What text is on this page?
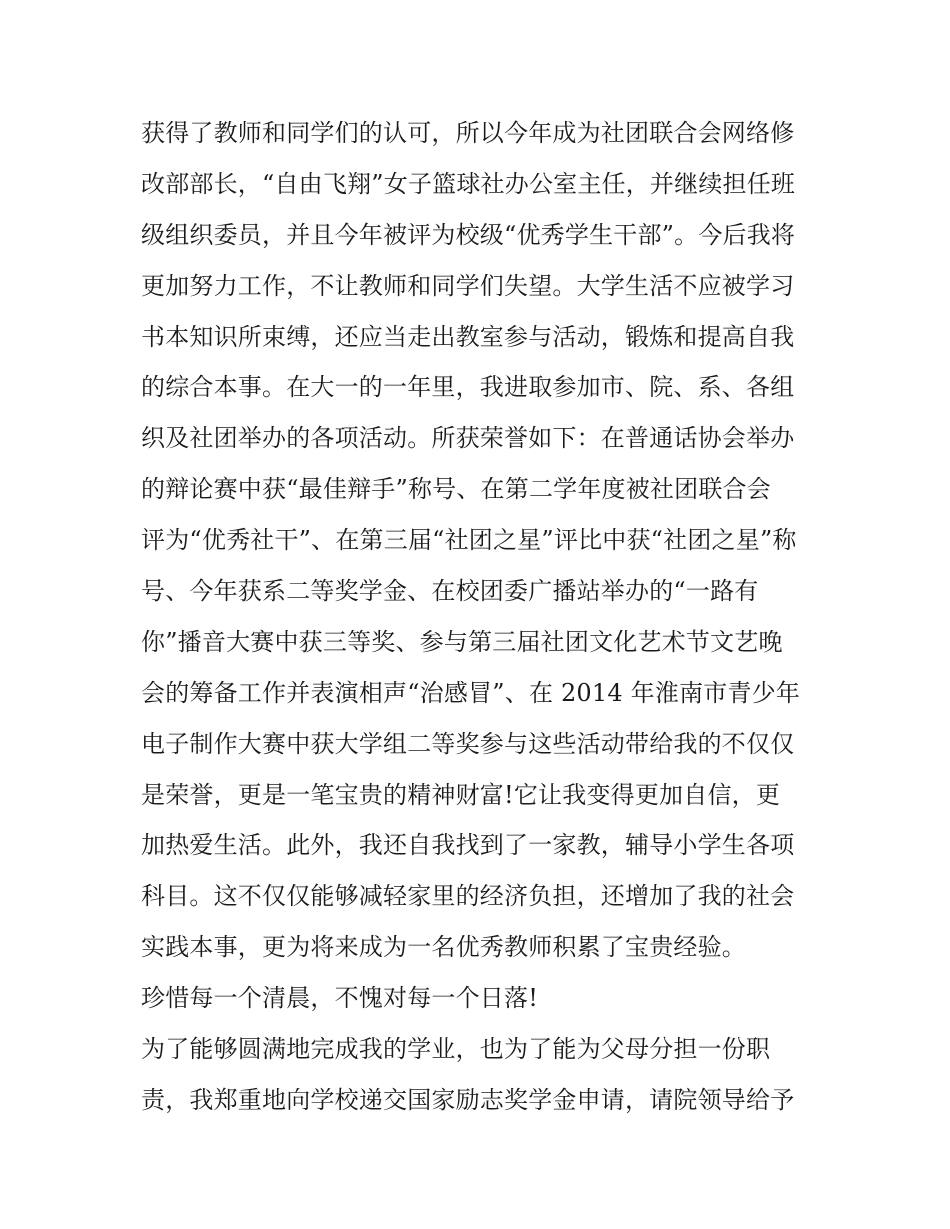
获得了教师和同学们的认可，所以今年成为社团联合会网络修
改部部长，“自由飞翔”女子篮球社办公室主任，并继续担任班
级组织委员，并且今年被评为校级“优秀学生干部”。今后我将
更加努力工作，不让教师和同学们失望。大学生活不应被学习
书本知识所束缚，还应当走出教室参与活动，锻炼和提高自我
的综合本事。在大一的一年里，我进取参加市、院、系、各组
织及社团举办的各项活动。所获荣誉如下：在普通话协会举办
的辩论赛中获“最佳辩手”称号、在第二学年度被社团联合会
评为“优秀社干”、在第三届“社团之星”评比中获“社团之星”称
号、今年获系二等奖学金、在校团委广播站举办的“一路有
你”播音大赛中获三等奖、参与第三届社团文化艺术节文艺晚
会的筹备工作并表演相声“治感冒”、在 2014 年淮南市青少年
电子制作大赛中获大学组二等奖参与这些活动带给我的不仅仅
是荣誉，更是一笔宝贵的精神财富!它让我变得更加自信，更
加热爱生活。此外，我还自我找到了一家教，辅导小学生各项
科目。这不仅仅能够减轻家里的经济负担，还增加了我的社会
实践本事，更为将来成为一名优秀教师积累了宝贵经验。
珍惜每一个清晨，不愧对每一个日落!
为了能够圆满地完成我的学业，也为了能为父母分担一份职
责，我郑重地向学校递交国家励志奖学金申请，请院领导给予
